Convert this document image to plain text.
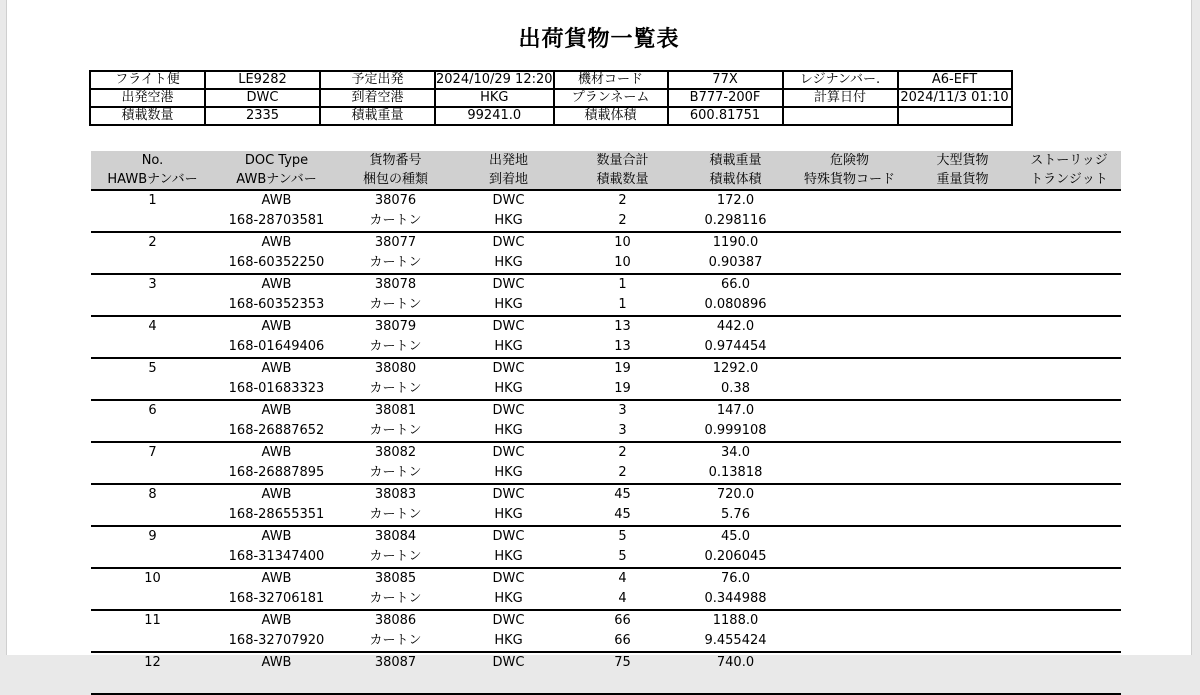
出荷貨物一覧表
フライト便	LE9282	予定出発	2024/10/29 12:20	機材コード	77X	レジナンバー.	A6-EFT
出発空港	DWC	到着空港	HKG	プランネーム	B777-200F	計算日付	2024/11/3 01:10
積載数量	2335	積載重量	99241.0	積載体積	600.81751		
No.	DOC Type	貨物番号	出発地	数量合計	積載重量	危険物	大型貨物	ストーリッジ
HAWBナンバー	AWBナンバー	梱包の種類	到着地	積載数量	積載体積	特殊貨物コード	重量貨物	トランジット
1	AWB	38076	DWC	2	172.0			
	168-28703581	カートン	HKG	2	0.298116			
2	AWB	38077	DWC	10	1190.0			
	168-60352250	カートン	HKG	10	0.90387			
3	AWB	38078	DWC	1	66.0			
	168-60352353	カートン	HKG	1	0.080896			
4	AWB	38079	DWC	13	442.0			
	168-01649406	カートン	HKG	13	0.974454			
5	AWB	38080	DWC	19	1292.0			
	168-01683323	カートン	HKG	19	0.38			
6	AWB	38081	DWC	3	147.0			
	168-26887652	カートン	HKG	3	0.999108			
7	AWB	38082	DWC	2	34.0			
	168-26887895	カートン	HKG	2	0.13818			
8	AWB	38083	DWC	45	720.0			
	168-28655351	カートン	HKG	45	5.76			
9	AWB	38084	DWC	5	45.0			
	168-31347400	カートン	HKG	5	0.206045			
10	AWB	38085	DWC	4	76.0			
	168-32706181	カートン	HKG	4	0.344988			
11	AWB	38086	DWC	66	1188.0			
	168-32707920	カートン	HKG	66	9.455424			
12	AWB	38087	DWC	75	740.0			
